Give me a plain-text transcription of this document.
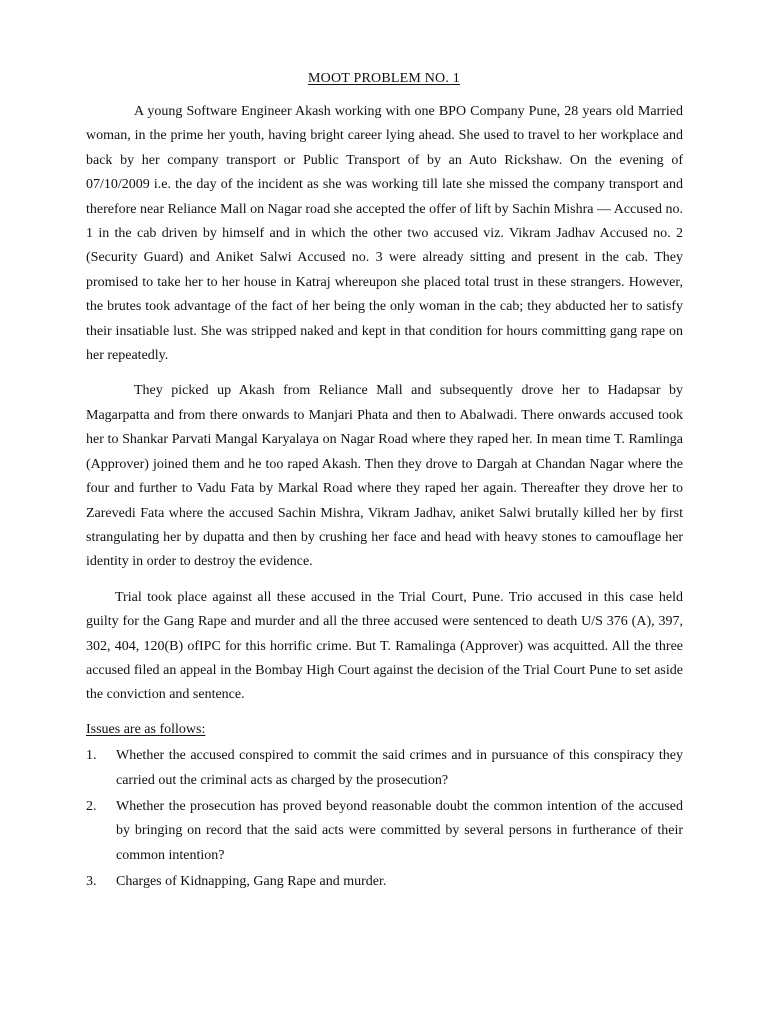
MOOT PROBLEM NO. 1

A young Software Engineer Akash working with one BPO Company Pune, 28 years old Married woman, in the prime her youth, having bright career lying ahead. She used to travel to her workplace and back by her company transport or Public Transport of by an Auto Rickshaw. On the evening of 07/10/2009 i.e. the day of the incident as she was working till late she missed the company transport and therefore near Reliance Mall on Nagar road she accepted the offer of lift by Sachin Mishra — Accused no. 1 in the cab driven by himself and in which the other two accused viz. Vikram Jadhav Accused no. 2 (Security Guard) and Aniket Salwi Accused no. 3 were already sitting and present in the cab. They promised to take her to her house in Katraj whereupon she placed total trust in these strangers. However, the brutes took advantage of the fact of her being the only woman in the cab; they abducted her to satisfy their insatiable lust. She was stripped naked and kept in that condition for hours committing gang rape on her repeatedly.

They picked up Akash from Reliance Mall and subsequently drove her to Hadapsar by Magarpatta and from there onwards to Manjari Phata and then to Abalwadi. There onwards accused took her to Shankar Parvati Mangal Karyalaya on Nagar Road where they raped her. In mean time T. Ramlinga (Approver) joined them and he too raped Akash. Then they drove to Dargah at Chandan Nagar where the four and further to Vadu Fata by Markal Road where they raped her again. Thereafter they drove her to Zarevedi Fata where the accused Sachin Mishra, Vikram Jadhav, aniket Salwi brutally killed her by first strangulating her by dupatta and then by crushing her face and head with heavy stones to camouflage her identity in order to destroy the evidence.

Trial took place against all these accused in the Trial Court, Pune. Trio accused in this case held guilty for the Gang Rape and murder and all the three accused were sentenced to death U/S 376 (A), 397, 302, 404, 120(B) ofIPC for this horrific crime. But T. Ramalinga (Approver) was acquitted. All the three accused filed an appeal in the Bombay High Court against the decision of the Trial Court Pune to set aside the conviction and sentence.

Issues are as follows:
1.	Whether the accused conspired to commit the said crimes and in pursuance of this conspiracy they carried out the criminal acts as charged by the prosecution?
2.	Whether the prosecution has proved beyond reasonable doubt the common intention of the accused by bringing on record that the said acts were committed by several persons in furtherance of their common intention?
3.	Charges of Kidnapping, Gang Rape and murder.
